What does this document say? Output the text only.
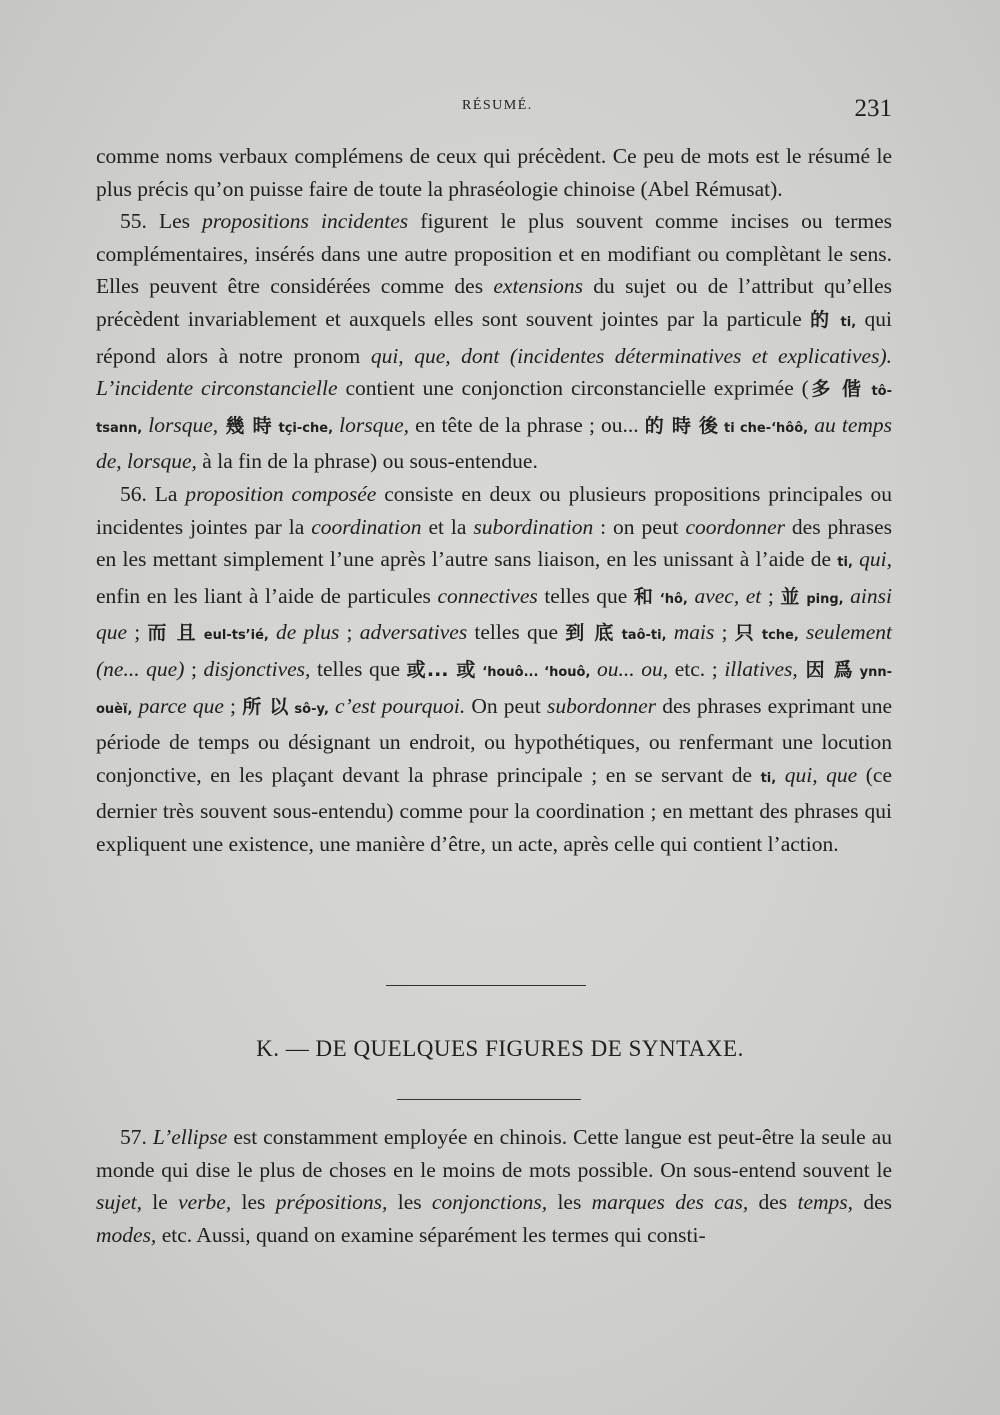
RÉSUMÉ.	231

comme noms verbaux complémens de ceux qui précèdent. Ce peu de mots est le résumé le plus précis qu’on puisse faire de toute la phraséologie chinoise (Abel Rémusat).

55. Les propositions incidentes figurent le plus souvent comme incises ou termes complémentaires, insérés dans une autre proposition et en modifiant ou complètant le sens. Elles peuvent être considérées comme des extensions du sujet ou de l’attribut qu’elles précèdent invariablement et auxquels elles sont souvent jointes par la particule 的 ti, qui répond alors à notre pronom qui, que, dont (incidentes déterminatives et explicatives). L’incidente circonstancielle contient une conjonction circonstancielle exprimée (多 偕 tô-tsann, lorsque, 幾 時 tçi-che, lorsque, en tête de la phrase ; ou... 的 時 後 ti che-‘hôô, au temps de, lorsque, à la fin de la phrase) ou sous-entendue.

56. La proposition composée consiste en deux ou plusieurs propositions principales ou incidentes jointes par la coordination et la subordination : on peut coordonner des phrases en les mettant simplement l’une après l’autre sans liaison, en les unissant à l’aide de ti, qui, enfin en les liant à l’aide de particules connectives telles que 和 ‘hô, avec, et ; 並 ping, ainsi que ; 而 且 eul-ts’ié, de plus ; adversatives telles que 到 底 taô-ti, mais ; 只 tche, seulement (ne... que) ; disjonctives, telles que 或... 或 ‘houô... ‘houô, ou... ou, etc. ; illatives, 因 爲 ynn-ouèï, parce que ; 所 以 sô-y, c’est pourquoi. On peut subordonner des phrases exprimant une période de temps ou désignant un endroit, ou hypothétiques, ou renfermant une locution conjonctive, en les plaçant devant la phrase principale ; en se servant de ti, qui, que (ce dernier très souvent sous-entendu) comme pour la coordination ; en mettant des phrases qui expliquent une existence, une manière d’être, un acte, après celle qui contient l’action.

K. — DE QUELQUES FIGURES DE SYNTAXE.

57. L’ellipse est constamment employée en chinois. Cette langue est peut-être la seule au monde qui dise le plus de choses en le moins de mots possible. On sous-entend souvent le sujet, le verbe, les prépositions, les conjonctions, les marques des cas, des temps, des modes, etc. Aussi, quand on examine séparément les termes qui consti-
